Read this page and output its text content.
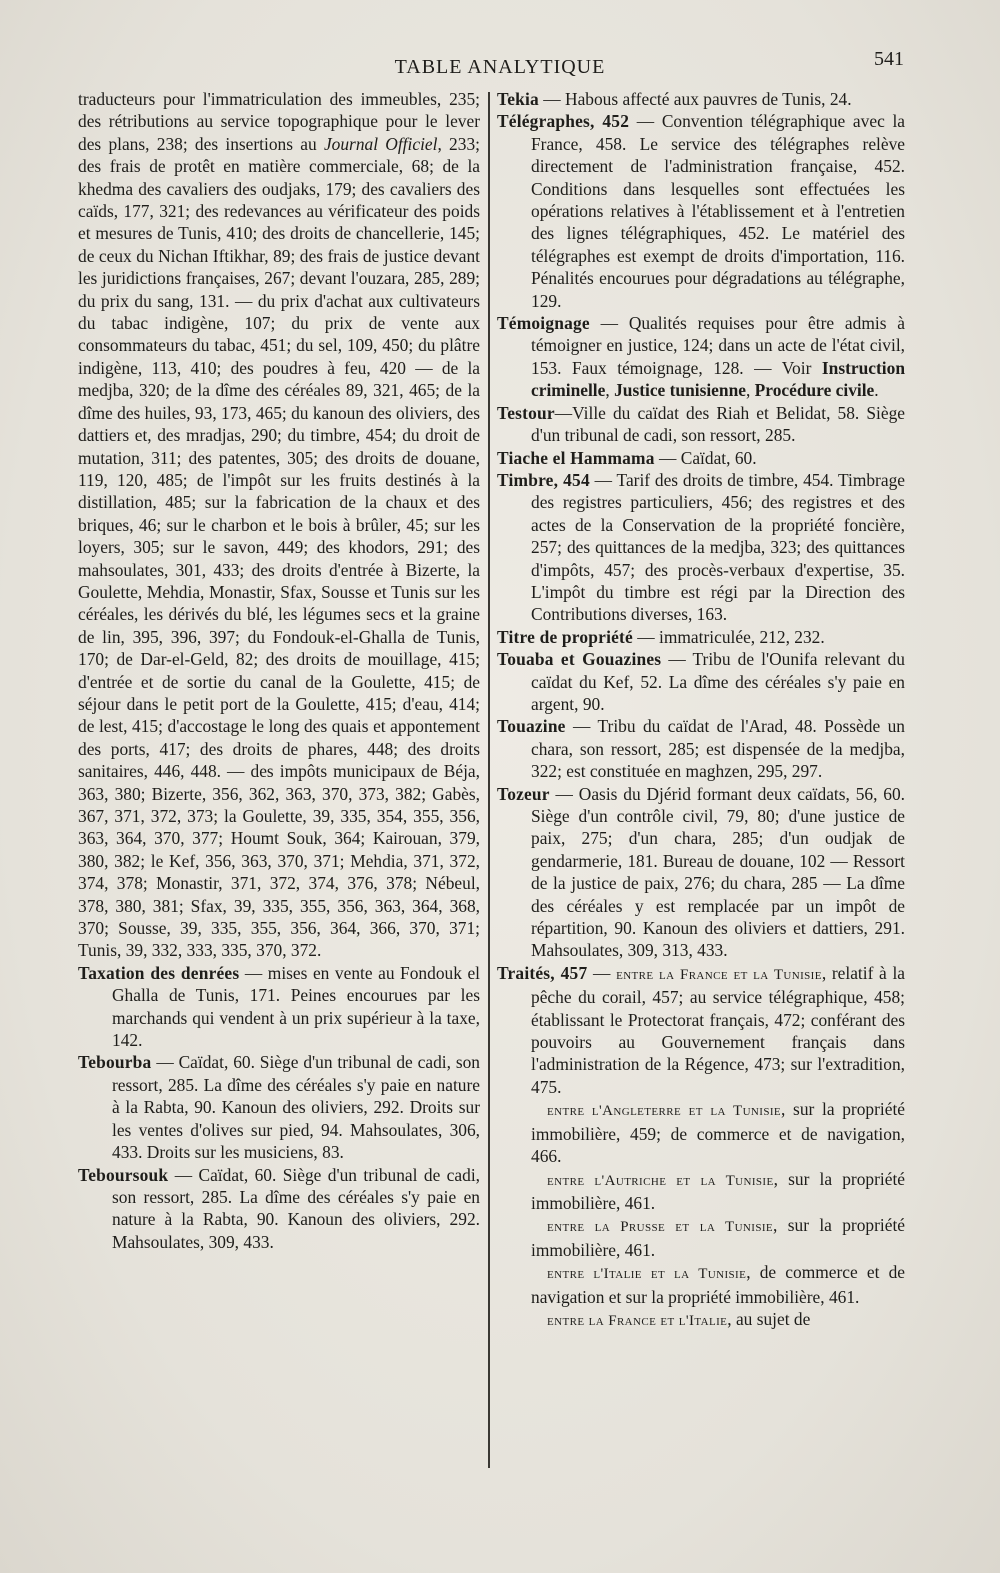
TABLE ANALYTIQUE	541

traducteurs pour l'immatriculation des immeubles, 235; des rétributions au service topographique pour le lever des plans, 238; des insertions au Journal Officiel, 233; des frais de protêt en matière commerciale, 68; de la khedma des cavaliers des oudjaks, 179; des cavaliers des caïds, 177, 321; des redevances au vérificateur des poids et mesures de Tunis, 410; des droits de chancellerie, 145; de ceux du Nichan Iftikhar, 89; des frais de justice devant les juridictions françaises, 267; devant l'ouzara, 285, 289; du prix du sang, 131. — du prix d'achat aux cultivateurs du tabac indigène, 107; du prix de vente aux consommateurs du tabac, 451; du sel, 109, 450; du plâtre indigène, 113, 410; des poudres à feu, 420 — de la medjba, 320; de la dîme des céréales 89, 321, 465; de la dîme des huiles, 93, 173, 465; du kanoun des oliviers, des dattiers et, des mradjas, 290; du timbre, 454; du droit de mutation, 311; des patentes, 305; des droits de douane, 119, 120, 485; de l'impôt sur les fruits destinés à la distillation, 485; sur la fabrication de la chaux et des briques, 46; sur le charbon et le bois à brûler, 45; sur les loyers, 305; sur le savon, 449; des khodors, 291; des mahsoulates, 301, 433; des droits d'entrée à Bizerte, la Goulette, Mehdia, Monastir, Sfax, Sousse et Tunis sur les céréales, les dérivés du blé, les légumes secs et la graine de lin, 395, 396, 397; du Fondouk-el-Ghalla de Tunis, 170; de Dar-el-Geld, 82; des droits de mouillage, 415; d'entrée et de sortie du canal de la Goulette, 415; de séjour dans le petit port de la Goulette, 415; d'eau, 414; de lest, 415; d'accostage le long des quais et appontement des ports, 417; des droits de phares, 448; des droits sanitaires, 446, 448. — des impôts municipaux de Béja, 363, 380; Bizerte, 356, 362, 363, 370, 373, 382; Gabès, 367, 371, 372, 373; la Goulette, 39, 335, 354, 355, 356, 363, 364, 370, 377; Houmt Souk, 364; Kairouan, 379, 380, 382; le Kef, 356, 363, 370, 371; Mehdia, 371, 372, 374, 378; Monastir, 371, 372, 374, 376, 378; Nébeul, 378, 380, 381; Sfax, 39, 335, 355, 356, 363, 364, 368, 370; Sousse, 39, 335, 355, 356, 364, 366, 370, 371; Tunis, 39, 332, 333, 335, 370, 372.

Taxation des denrées — mises en vente au Fondouk el Ghalla de Tunis, 171. Peines encourues par les marchands qui vendent à un prix supérieur à la taxe, 142.

Tebourba — Caïdat, 60. Siège d'un tribunal de cadi, son ressort, 285. La dîme des céréales s'y paie en nature à la Rabta, 90. Kanoun des oliviers, 292. Droits sur les ventes d'olives sur pied, 94. Mahsoulates, 306, 433. Droits sur les musiciens, 83.

Teboursouk — Caïdat, 60. Siège d'un tribunal de cadi, son ressort, 285. La dîme des céréales s'y paie en nature à la Rabta, 90. Kanoun des oliviers, 292. Mahsoulates, 309, 433.

Tekia — Habous affecté aux pauvres de Tunis, 24.

Télégraphes, 452 — Convention télégraphique avec la France, 458. Le service des télégraphes relève directement de l'administration française, 452. Conditions dans lesquelles sont effectuées les opérations relatives à l'établissement et à l'entretien des lignes télégraphiques, 452. Le matériel des télégraphes est exempt de droits d'importation, 116. Pénalités encourues pour dégradations au télégraphe, 129.

Témoignage — Qualités requises pour être admis à témoigner en justice, 124; dans un acte de l'état civil, 153. Faux témoignage, 128. — Voir Instruction criminelle, Justice tunisienne, Procédure civile.

Testour—Ville du caïdat des Riah et Belidat, 58. Siège d'un tribunal de cadi, son ressort, 285.

Tiache el Hammama — Caïdat, 60.

Timbre, 454 — Tarif des droits de timbre, 454. Timbrage des registres particuliers, 456; des registres et des actes de la Conservation de la propriété foncière, 257; des quittances de la medjba, 323; des quittances d'impôts, 457; des procès-verbaux d'expertise, 35. L'impôt du timbre est régi par la Direction des Contributions diverses, 163.

Titre de propriété — immatriculée, 212, 232.

Touaba et Gouazines — Tribu de l'Ounifa relevant du caïdat du Kef, 52. La dîme des céréales s'y paie en argent, 90.

Touazine — Tribu du caïdat de l'Arad, 48. Possède un chara, son ressort, 285; est dispensée de la medjba, 322; est constituée en maghzen, 295, 297.

Tozeur — Oasis du Djérid formant deux caïdats, 56, 60. Siège d'un contrôle civil, 79, 80; d'une justice de paix, 275; d'un chara, 285; d'un oudjak de gendarmerie, 181. Bureau de douane, 102 — Ressort de la justice de paix, 276; du chara, 285 — La dîme des céréales y est remplacée par un impôt de répartition, 90. Kanoun des oliviers et dattiers, 291. Mahsoulates, 309, 313, 433.

Traités, 457 — entre la France et la Tunisie, relatif à la pêche du corail, 457; au service télégraphique, 458; établissant le Protectorat français, 472; conférant des pouvoirs au Gouvernement français dans l'administration de la Régence, 473; sur l'extradition, 475.

entre l'Angleterre et la Tunisie, sur la propriété immobilière, 459; de commerce et de navigation, 466.

entre l'Autriche et la Tunisie, sur la propriété immobilière, 461.

entre la Prusse et la Tunisie, sur la propriété immobilière, 461.

entre l'Italie et la Tunisie, de commerce et de navigation et sur la propriété immobilière, 461.

entre la France et l'Italie, au sujet de
